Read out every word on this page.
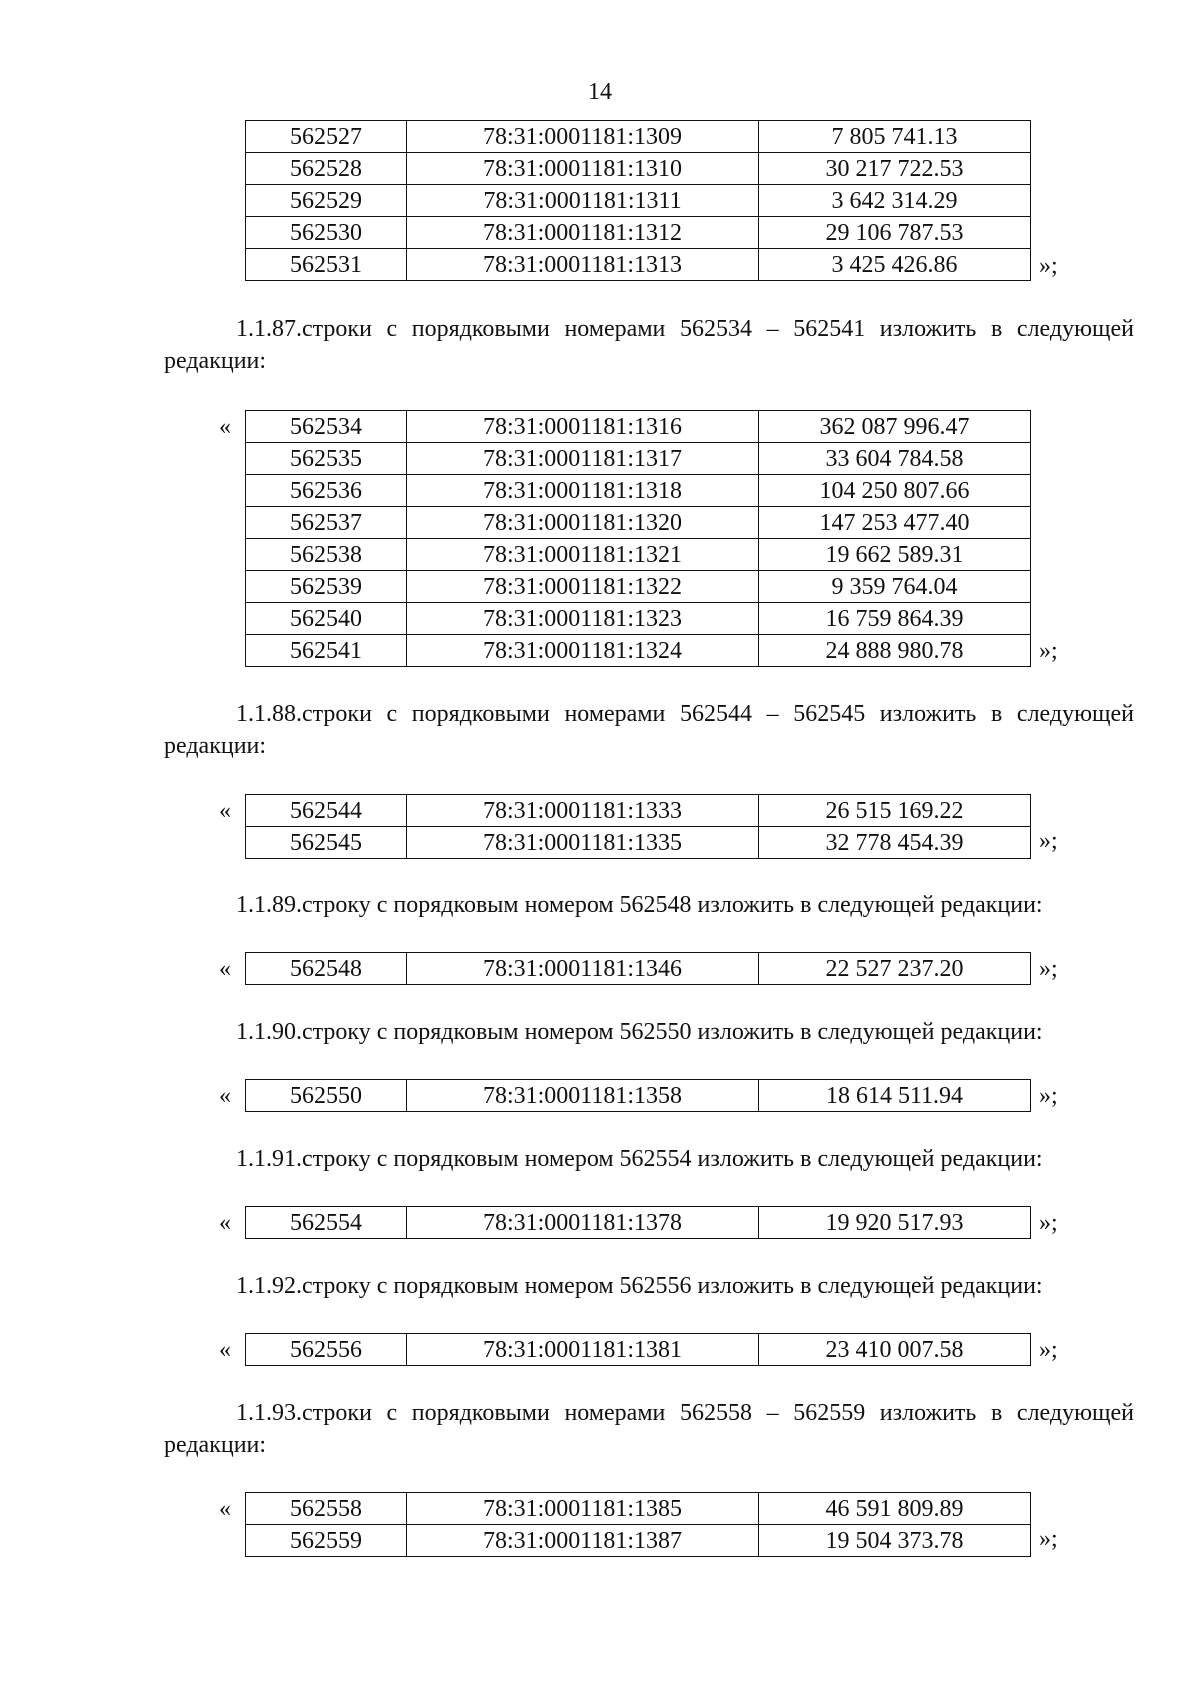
14
562527	78:31:0001181:1309	7 805 741.13
562528	78:31:0001181:1310	30 217 722.53
562529	78:31:0001181:1311	3 642 314.29
562530	78:31:0001181:1312	29 106 787.53
562531	78:31:0001181:1313	3 425 426.86	»;

1.1.87.строки с порядковыми номерами 562534 – 562541 изложить в следующей редакции:

« 562534	78:31:0001181:1316	362 087 996.47
562535	78:31:0001181:1317	33 604 784.58
562536	78:31:0001181:1318	104 250 807.66
562537	78:31:0001181:1320	147 253 477.40
562538	78:31:0001181:1321	19 662 589.31
562539	78:31:0001181:1322	9 359 764.04
562540	78:31:0001181:1323	16 759 864.39
562541	78:31:0001181:1324	24 888 980.78	»;

1.1.88.строки с порядковыми номерами 562544 – 562545 изложить в следующей редакции:

« 562544	78:31:0001181:1333	26 515 169.22
562545	78:31:0001181:1335	32 778 454.39	»;

1.1.89.строку с порядковым номером 562548 изложить в следующей редакции:

« 562548	78:31:0001181:1346	22 527 237.20	»;

1.1.90.строку с порядковым номером 562550 изложить в следующей редакции:

« 562550	78:31:0001181:1358	18 614 511.94	»;

1.1.91.строку с порядковым номером 562554 изложить в следующей редакции:

« 562554	78:31:0001181:1378	19 920 517.93	»;

1.1.92.строку с порядковым номером 562556 изложить в следующей редакции:

« 562556	78:31:0001181:1381	23 410 007.58	»;

1.1.93.строки с порядковыми номерами 562558 – 562559 изложить в следующей редакции:

« 562558	78:31:0001181:1385	46 591 809.89
562559	78:31:0001181:1387	19 504 373.78	»;
